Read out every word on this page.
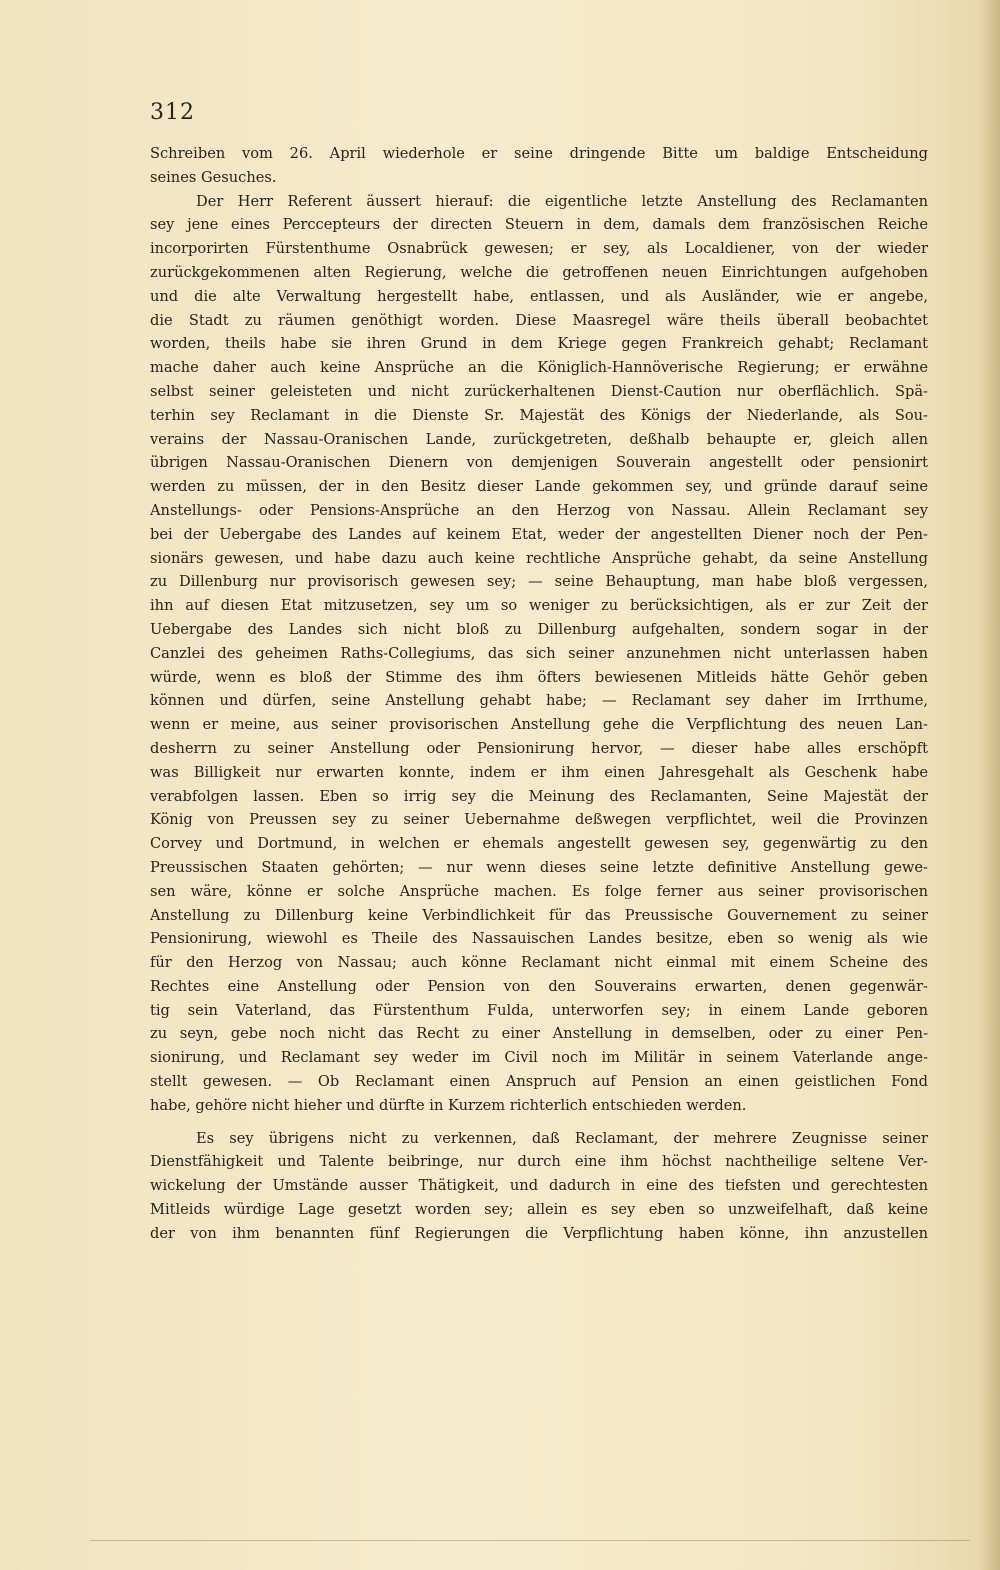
312
Schreiben vom 26. April wiederhole er seine dringende Bitte um baldige Entscheidung
seines Gesuches.
Der Herr Referent äussert hierauf: die eigentliche letzte Anstellung des Reclamanten
sey jene eines Perccepteurs der directen Steuern in dem, damals dem französischen Reiche
incorporirten Fürstenthume Osnabrück gewesen; er sey, als Localdiener, von der wieder
zurückgekommenen alten Regierung, welche die getroffenen neuen Einrichtungen aufgehoben
und die alte Verwaltung hergestellt habe, entlassen, und als Ausländer, wie er angebe,
die Stadt zu räumen genöthigt worden. Diese Maasregel wäre theils überall beobachtet
worden, theils habe sie ihren Grund in dem Kriege gegen Frankreich gehabt; Reclamant
mache daher auch keine Ansprüche an die Königlich-Hannöverische Regierung; er erwähne
selbst seiner geleisteten und nicht zurückerhaltenen Dienst-Caution nur oberflächlich. Spä-
terhin sey Reclamant in die Dienste Sr. Majestät des Königs der Niederlande, als Sou-
verains der Nassau-Oranischen Lande, zurückgetreten, deßhalb behaupte er, gleich allen
übrigen Nassau-Oranischen Dienern von demjenigen Souverain angestellt oder pensionirt
werden zu müssen, der in den Besitz dieser Lande gekommen sey, und gründe darauf seine
Anstellungs- oder Pensions-Ansprüche an den Herzog von Nassau. Allein Reclamant sey
bei der Uebergabe des Landes auf keinem Etat, weder der angestellten Diener noch der Pen-
sionärs gewesen, und habe dazu auch keine rechtliche Ansprüche gehabt, da seine Anstellung
zu Dillenburg nur provisorisch gewesen sey; — seine Behauptung, man habe bloß vergessen,
ihn auf diesen Etat mitzusetzen, sey um so weniger zu berücksichtigen, als er zur Zeit der
Uebergabe des Landes sich nicht bloß zu Dillenburg aufgehalten, sondern sogar in der
Canzlei des geheimen Raths-Collegiums, das sich seiner anzunehmen nicht unterlassen haben
würde, wenn es bloß der Stimme des ihm öfters bewiesenen Mitleids hätte Gehör geben
können und dürfen, seine Anstellung gehabt habe; — Reclamant sey daher im Irrthume,
wenn er meine, aus seiner provisorischen Anstellung gehe die Verpflichtung des neuen Lan-
desherrn zu seiner Anstellung oder Pensionirung hervor, — dieser habe alles erschöpft
was Billigkeit nur erwarten konnte, indem er ihm einen Jahresgehalt als Geschenk habe
verabfolgen lassen. Eben so irrig sey die Meinung des Reclamanten, Seine Majestät der
König von Preussen sey zu seiner Uebernahme deßwegen verpflichtet, weil die Provinzen
Corvey und Dortmund, in welchen er ehemals angestellt gewesen sey, gegenwärtig zu den
Preussischen Staaten gehörten; — nur wenn dieses seine letzte definitive Anstellung gewe-
sen wäre, könne er solche Ansprüche machen. Es folge ferner aus seiner provisorischen
Anstellung zu Dillenburg keine Verbindlichkeit für das Preussische Gouvernement zu seiner
Pensionirung, wiewohl es Theile des Nassauischen Landes besitze, eben so wenig als wie
für den Herzog von Nassau; auch könne Reclamant nicht einmal mit einem Scheine des
Rechtes eine Anstellung oder Pension von den Souverains erwarten, denen gegenwär-
tig sein Vaterland, das Fürstenthum Fulda, unterworfen sey; in einem Lande geboren
zu seyn, gebe noch nicht das Recht zu einer Anstellung in demselben, oder zu einer Pen-
sionirung, und Reclamant sey weder im Civil noch im Militär in seinem Vaterlande ange-
stellt gewesen. — Ob Reclamant einen Anspruch auf Pension an einen geistlichen Fond
habe, gehöre nicht hieher und dürfte in Kurzem richterlich entschieden werden.
Es sey übrigens nicht zu verkennen, daß Reclamant, der mehrere Zeugnisse seiner
Dienstfähigkeit und Talente beibringe, nur durch eine ihm höchst nachtheilige seltene Ver-
wickelung der Umstände ausser Thätigkeit, und dadurch in eine des tiefsten und gerechtesten
Mitleids würdige Lage gesetzt worden sey; allein es sey eben so unzweifelhaft, daß keine
der von ihm benannten fünf Regierungen die Verpflichtung haben könne, ihn anzustellen
